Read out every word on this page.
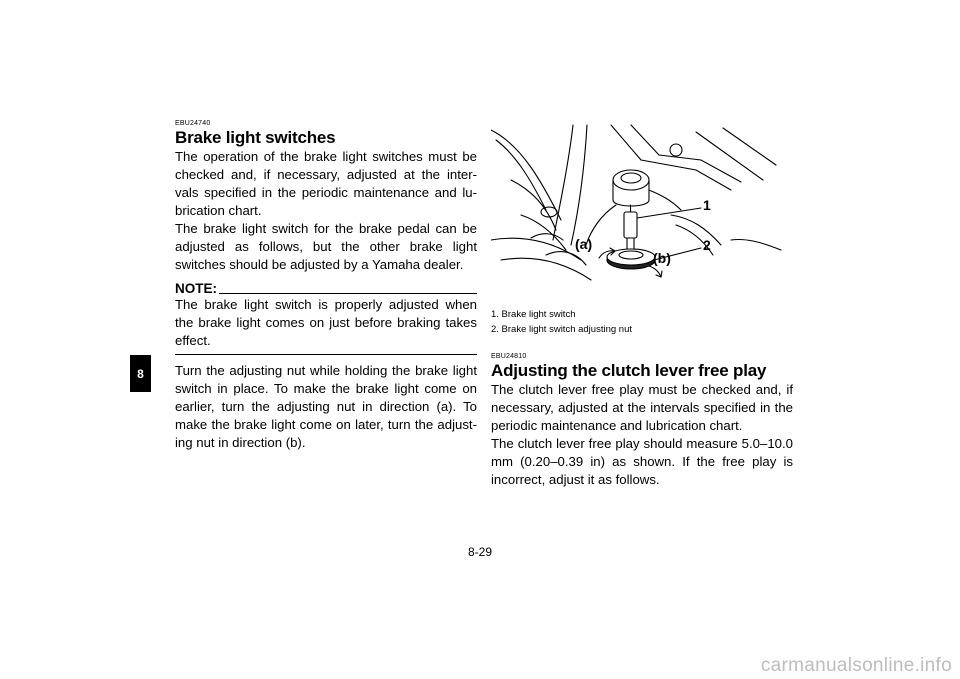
8
EBU24740
Brake light switches

The operation of the brake light switches must be checked and, if necessary, adjusted at the inter-vals specified in the periodic maintenance and lu-brication chart.

The brake light switch for the brake pedal can be adjusted as follows, but the other brake light switches should be adjusted by a Yamaha dealer.

NOTE:

The brake light switch is properly adjusted when the brake light comes on just before braking takes effect.

Turn the adjusting nut while holding the brake light switch in place. To make the brake light come on earlier, turn the adjusting nut in direction (a). To make the brake light come on later, turn the adjust-ing nut in direction (b).

1
2
(a)
(b)
1. Brake light switch
2. Brake light switch adjusting nut
EBU24810
Adjusting the clutch lever free play

The clutch lever free play must be checked and, if necessary, adjusted at the intervals specified in the periodic maintenance and lubrication chart.

The clutch lever free play should measure 5.0–10.0 mm (0.20–0.39 in) as shown. If the free play is incorrect, adjust it as follows.

8-29
carmanualsonline.info
